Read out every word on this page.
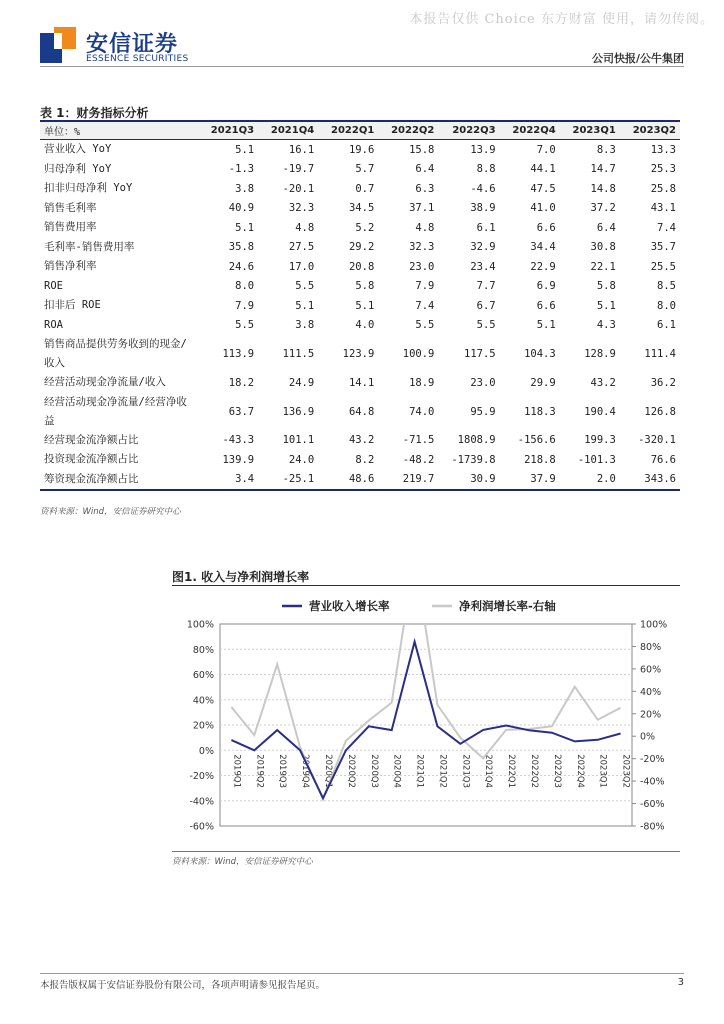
本报告仅供 Choice 东方财富 使用，请勿传阅。
安信证券
ESSENCE SECURITIES	公司快报/公牛集团
表 1：财务指标分析
单位：%	2021Q3	2021Q4	2022Q1	2022Q2	2022Q3	2022Q4	2023Q1	2023Q2
营业收入 YoY	5.1	16.1	19.6	15.8	13.9	7.0	8.3	13.3
归母净利 YoY	-1.3	-19.7	5.7	6.4	8.8	44.1	14.7	25.3
扣非归母净利 YoY	3.8	-20.1	0.7	6.3	-4.6	47.5	14.8	25.8
销售毛利率	40.9	32.3	34.5	37.1	38.9	41.0	37.2	43.1
销售费用率	5.1	4.8	5.2	4.8	6.1	6.6	6.4	7.4
毛利率-销售费用率	35.8	27.5	29.2	32.3	32.9	34.4	30.8	35.7
销售净利率	24.6	17.0	20.8	23.0	23.4	22.9	22.1	25.5
ROE	8.0	5.5	5.8	7.9	7.7	6.9	5.8	8.5
扣非后 ROE	7.9	5.1	5.1	7.4	6.7	6.6	5.1	8.0
ROA	5.5	3.8	4.0	5.5	5.5	5.1	4.3	6.1
销售商品提供劳务收到的现金/收入	113.9	111.5	123.9	100.9	117.5	104.3	128.9	111.4
经营活动现金净流量/收入	18.2	24.9	14.1	18.9	23.0	29.9	43.2	36.2
经营活动现金净流量/经营净收益	63.7	136.9	64.8	74.0	95.9	118.3	190.4	126.8
经营现金流净额占比	-43.3	101.1	43.2	-71.5	1808.9	-156.6	199.3	-320.1
投资现金流净额占比	139.9	24.0	8.2	-48.2	-1739.8	218.8	-101.3	76.6
筹资现金流净额占比	3.4	-25.1	48.6	219.7	30.9	37.9	2.0	343.6
资料来源：Wind，安信证券研究中心
图1. 收入与净利润增长率
100%
80%
60%
40%
20%
0%
-20%
-40%
-60%
100%
80%
60%
40%
20%
0%
-20%
-40%
-60%
-80%
2019Q1 2019Q2 2019Q3 2019Q4 2020Q1 2020Q2 2020Q3 2020Q4 2021Q1 2021Q2 2021Q3 2021Q4 2022Q1 2022Q2 2022Q3 2022Q4 2023Q1 2023Q2
营业收入增长率	净利润增长率-右轴
资料来源：Wind，安信证券研究中心
本报告版权属于安信证券股份有限公司，各项声明请参见报告尾页。	3
